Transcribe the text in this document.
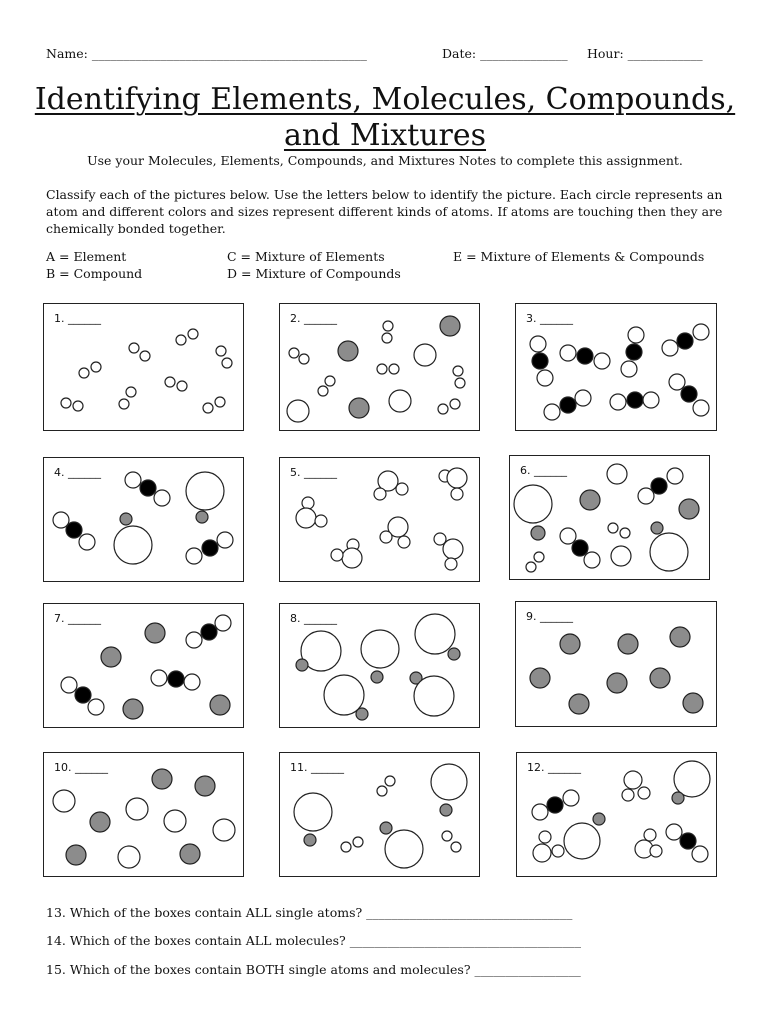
Name: ____________________________________________	Date: ______________ Hour: ____________
Identifying Elements, Molecules, Compounds, and Mixtures
Use your Molecules, Elements, Compounds, and Mixtures Notes to complete this assignment.
Classify each of the pictures below. Use the letters below to identify the picture. Each circle represents an atom and different colors and sizes represent different kinds of atoms. If atoms are touching then they are chemically bonded together.
A = Element
B = Compound
C = Mixture of Elements
D = Mixture of Compounds
E = Mixture of Elements & Compounds
1. ______	2. ______	3. ______
4. ______	5. ______	6. ______
7. ______	8. ______	9. ______
10. ______	11. ______	12. ______
13. Which of the boxes contain ALL single atoms? _________________________________
14. Which of the boxes contain ALL molecules? _____________________________________
15. Which of the boxes contain BOTH single atoms and molecules? _________________
